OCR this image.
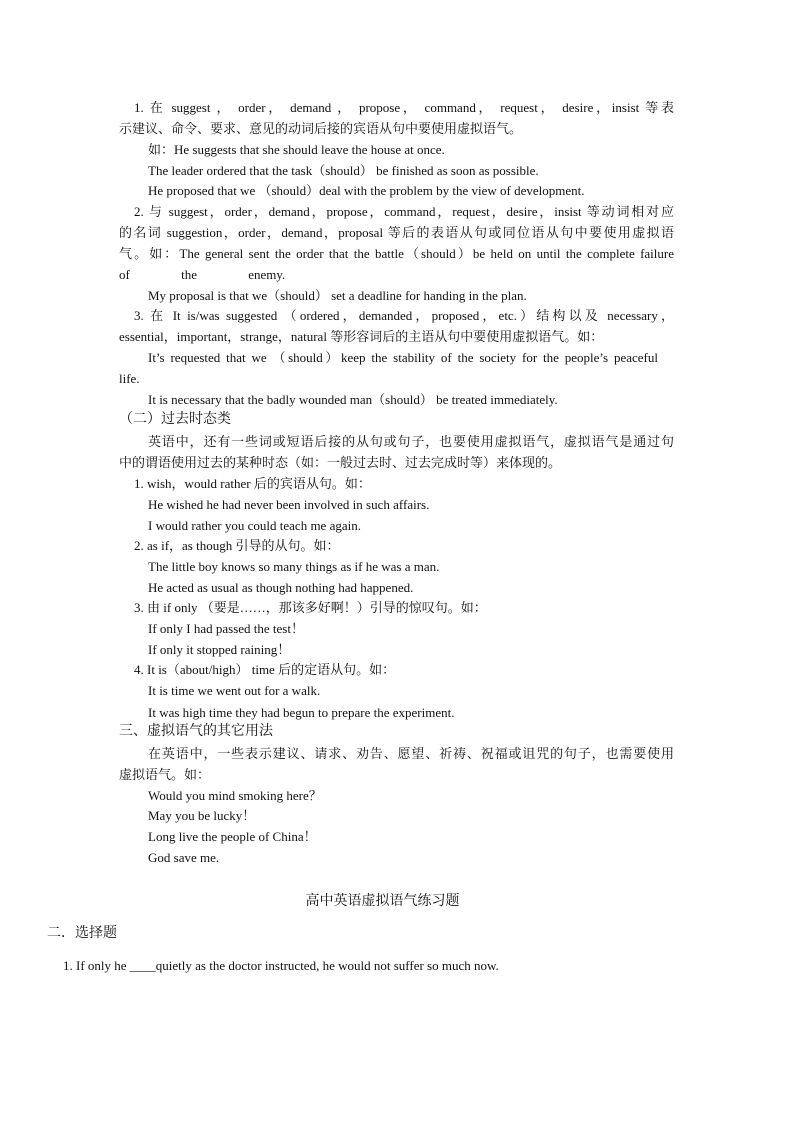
1. 在 suggest ， order， demand ， propose， command， request， desire，insist 等表
示建议、命令、要求、意见的动词后接的宾语从句中要使用虚拟语气。
如：He suggests that she should leave the house at once.
The leader ordered that the task（should） be finished as soon as possible.
He proposed that we （should）deal with the problem by the view of development.
2. 与 suggest，order，demand，propose，command，request，desire，insist 等动词相对应
的名词 suggestion，order，demand，proposal 等后的表语从句或同位语从句中要使用虚拟语
气。如：The general sent the order that the battle（should）be held on until the complete failure
of the enemy.
My proposal is that we（should） set a deadline for handing in the plan.
3. 在 It is/was suggested （ordered，demanded，proposed，etc.）结构以及 necessary，
essential，important，strange，natural 等形容词后的主语从句中要使用虚拟语气。如：
It’s requested that we （should）keep the stability of the society for the people’s peaceful
life.
It is necessary that the badly wounded man（should） be treated immediately.
（二）过去时态类
英语中，还有一些词或短语后接的从句或句子，也要使用虚拟语气，虚拟语气是通过句
中的谓语使用过去的某种时态（如：一般过去时、过去完成时等）来体现的。
1. wish，would rather 后的宾语从句。如：
He wished he had never been involved in such affairs.
I would rather you could teach me again.
2. as if，as though 引导的从句。如：
The little boy knows so many things as if he was a man.
He acted as usual as though nothing had happened.
3. 由 if only （要是……，那该多好啊！）引导的惊叹句。如：
If only I had passed the test！
If only it stopped raining！
4. It is（about/high） time 后的定语从句。如：
It is time we went out for a walk.
It was high time they had begun to prepare the experiment.
三、虚拟语气的其它用法
在英语中，一些表示建议、请求、劝告、愿望、祈祷、祝福或诅咒的句子，也需要使用
虚拟语气。如：
Would you mind smoking here？
May you be lucky！
Long live the people of China！
God save me.
高中英语虚拟语气练习题
二．选择题
1. If only he ____quietly as the doctor instructed, he would not suffer so much now.
